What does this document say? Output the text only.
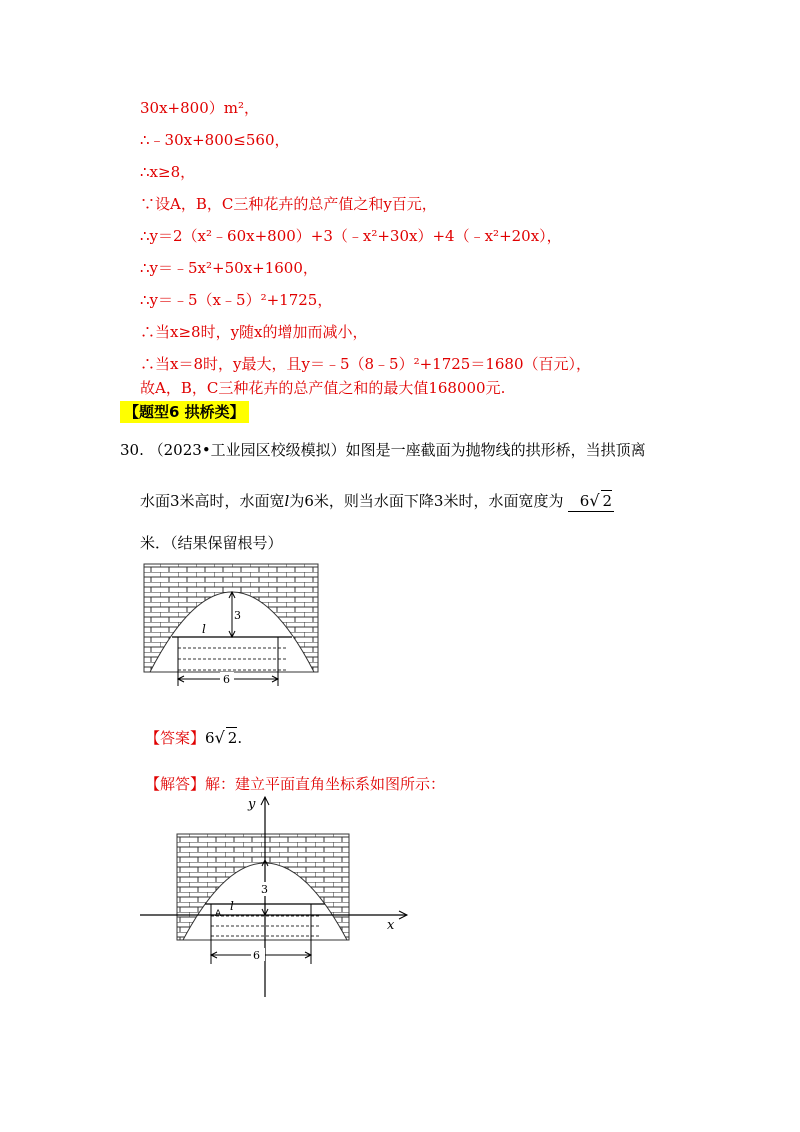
30x+800）m²，
∴﹣30x+800≤560，
∴x≥8，
∵设A，B，C三种花卉的总产值之和y百元，
∴y＝2（x²﹣60x+800）+3（﹣x²+30x）+4（﹣x²+20x），
∴y＝﹣5x²+50x+1600，
∴y＝﹣5（x﹣5）²+1725，
∴当x≥8时，y随x的增加而减小，
∴当x＝8时，y最大，且y＝﹣5（8﹣5）²+1725＝1680（百元），
故A，B，C三种花卉的总产值之和的最大值168000元.
【题型6 拱桥类】
30. （2023•工业园区校级模拟）如图是一座截面为抛物线的拱形桥，当拱顶离
水面3米高时，水面宽l为6米，则当水面下降3米时，水面宽度为 6√ 2
米．（结果保留根号）
3
l
6
【答案】6√ 2.
【解答】解：建立平面直角坐标系如图所示：
x
y
3
l
A
6
